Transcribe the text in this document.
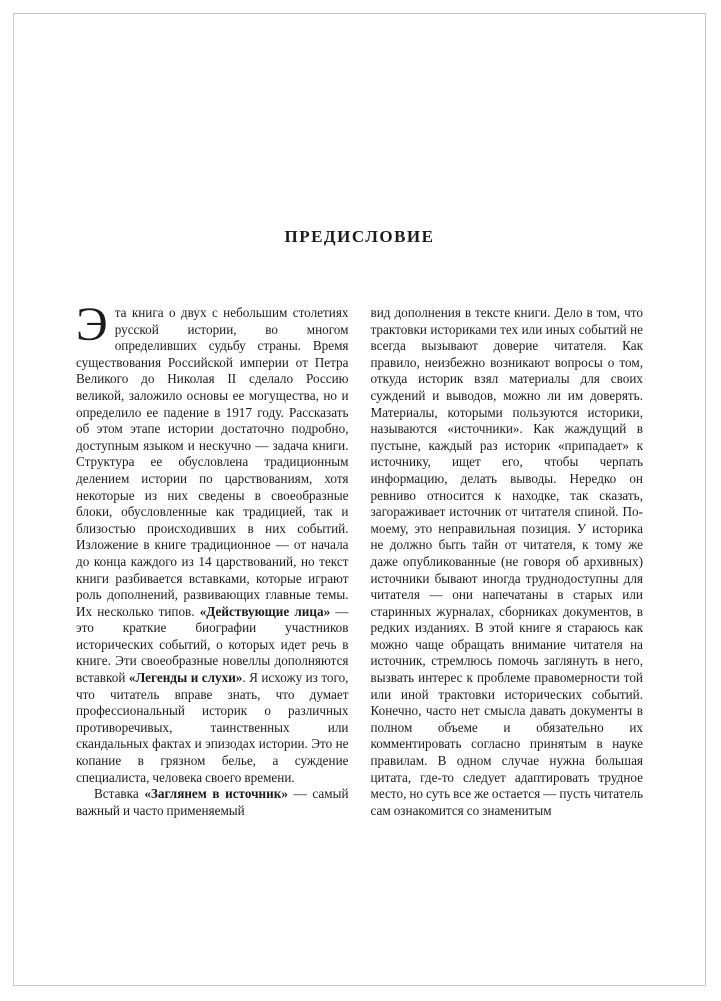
ПРЕДИСЛОВИЕ

Эта книга о двух с небольшим столетиях русской истории, во многом определивших судьбу страны. Время существования Российской империи от Петра Великого до Николая II сделало Россию великой, заложило основы ее могущества, но и определило ее падение в 1917 году. Рассказать об этом этапе истории достаточно подробно, доступным языком и нескучно — задача книги. Структура ее обусловлена традиционным делением истории по царствованиям, хотя некоторые из них сведены в своеобразные блоки, обусловленные как традицией, так и близостью происходивших в них событий. Изложение в книге традиционное — от начала до конца каждого из 14 царствований, но текст книги разбивается вставками, которые играют роль дополнений, развивающих главные темы. Их несколько типов. «Действующие лица» — это краткие биографии участников исторических событий, о которых идет речь в книге. Эти своеобразные новеллы дополняются вставкой «Легенды и слухи». Я исхожу из того, что читатель вправе знать, что думает профессиональный историк о различных противоречивых, таинственных или скандальных фактах и эпизодах истории. Это не копание в грязном белье, а суждение специалиста, человека своего времени.

Вставка «Заглянем в источник» — самый важный и часто применяемый

вид дополнения в тексте книги. Дело в том, что трактовки историками тех или иных событий не всегда вызывают доверие читателя. Как правило, неизбежно возникают вопросы о том, откуда историк взял материалы для своих суждений и выводов, можно ли им доверять. Материалы, которыми пользуются историки, называются «источники». Как жаждущий в пустыне, каждый раз историк «припадает» к источнику, ищет его, чтобы черпать информацию, делать выводы. Нередко он ревниво относится к находке, так сказать, загораживает источник от читателя спиной. По-моему, это неправильная позиция. У историка не должно быть тайн от читателя, к тому же даже опубликованные (не говоря об архивных) источники бывают иногда труднодоступны для читателя — они напечатаны в старых или старинных журналах, сборниках документов, в редких изданиях. В этой книге я стараюсь как можно чаще обращать внимание читателя на источник, стремлюсь помочь заглянуть в него, вызвать интерес к проблеме правомерности той или иной трактовки исторических событий. Конечно, часто нет смысла давать документы в полном объеме и обязательно их комментировать согласно принятым в науке правилам. В одном случае нужна большая цитата, где-то следует адаптировать трудное место, но суть все же остается — пусть читатель сам ознакомится со знаменитым
